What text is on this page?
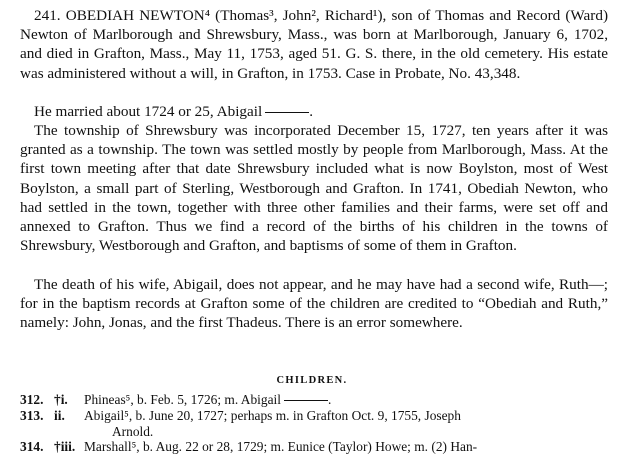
241. OBEDIAH NEWTON⁴ (Thomas³, John², Richard¹), son of Thomas and Record (Ward) Newton of Marlborough and Shrewsbury, Mass., was born at Marlborough, January 6, 1702, and died in Grafton, Mass., May 11, 1753, aged 51. G. S. there, in the old cemetery. His estate was administered without a will, in Grafton, in 1753. Case in Probate, No. 43,348.

He married about 1724 or 25, Abigail	.

The township of Shrewsbury was incorporated December 15, 1727, ten years after it was granted as a township. The town was settled mostly by people from Marlborough, Mass. At the first town meeting after that date Shrewsbury included what is now Boylston, most of West Boylston, a small part of Sterling, Westborough and Grafton. In 1741, Obediah Newton, who had settled in the town, together with three other families and their farms, were set off and annexed to Grafton. Thus we find a record of the births of his children in the towns of Shrewsbury, Westborough and Grafton, and baptisms of some of them in Grafton.

The death of his wife, Abigail, does not appear, and he may have had a second wife, Ruth—; for in the baptism records at Grafton some of the children are credited to “Obediah and Ruth,” namely: John, Jonas, and the first Thadeus. There is an error somewhere.

CHILDREN.
312. †i. Phineas⁵, b. Feb. 5, 1726; m. Abigail	.
313. ii. Abigail⁵, b. June 20, 1727; perhaps m. in Grafton Oct. 9, 1755, Joseph
Arnold.
314. †iii. Marshall⁵, b. Aug. 22 or 28, 1729; m. Eunice (Taylor) Howe; m. (2) Han-
